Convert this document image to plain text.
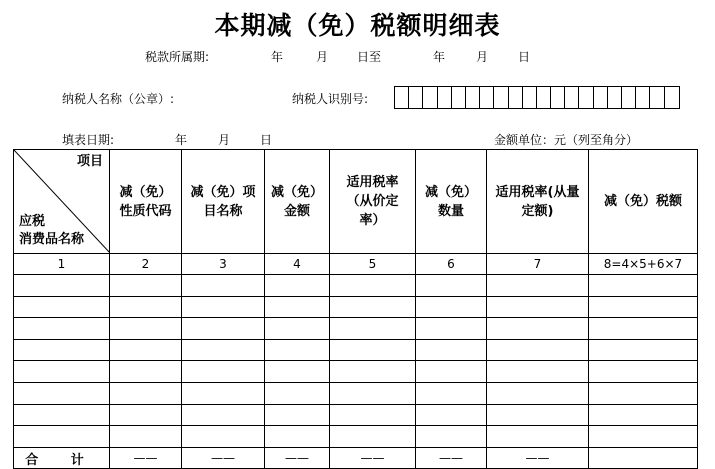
本期减（免）税额明细表
税款所属期:	年	月 日至	年	月 日
纳税人名称（公章）:	纳税人识别号:
填表日期:	年	月 日	金额单位：元（列至角分）
项目
应税
消费品名称	减（免）性质代码	减（免）项目名称	减（免）金额	适用税率（从价定率）	减（免）数量	适用税率(从量定额)	减（免）税额
1	2	3	4	5	6	7	8=4×5+6×7

合 计	——	——	——	——	——	——	
